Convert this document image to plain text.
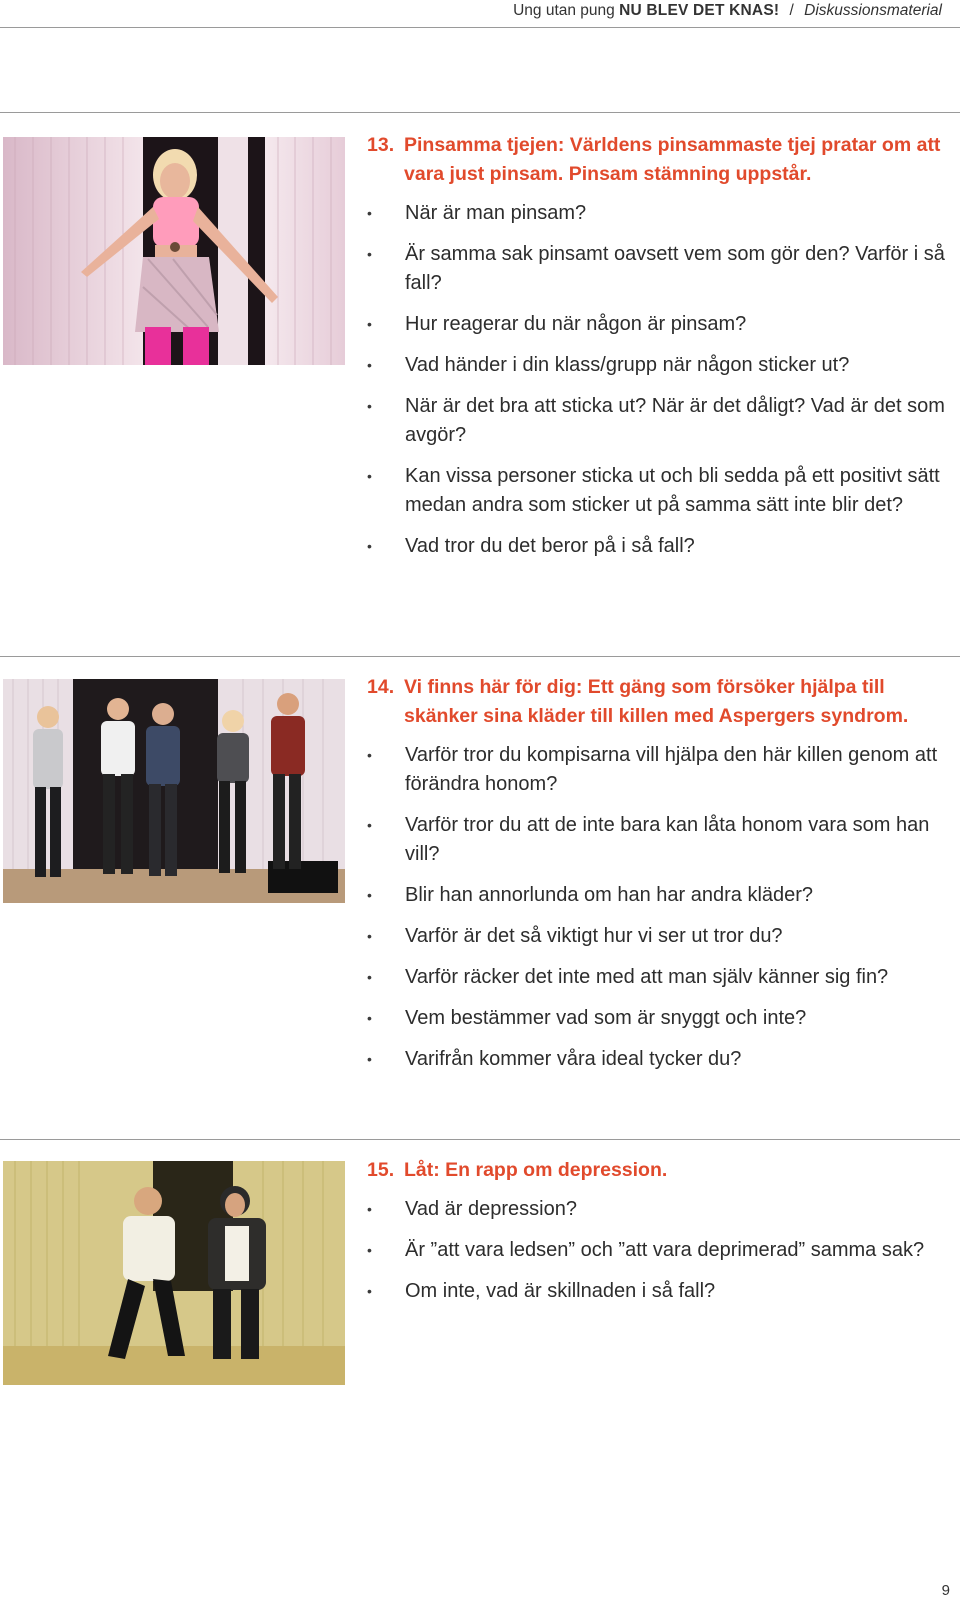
Ung utan pung NU BLEV DET KNAS! / Diskussionsmaterial
13. Pinsamma tjejen: Världens pinsammaste tjej pratar om att vara just pinsam. Pinsam stämning uppstår.
• När är man pinsam?
• Är samma sak pinsamt oavsett vem som gör den? Varför i så fall?
• Hur reagerar du när någon är pinsam?
• Vad händer i din klass/grupp när någon sticker ut?
• När är det bra att sticka ut? När är det dåligt? Vad är det som avgör?
• Kan vissa personer sticka ut och bli sedda på ett positivt sätt medan andra som sticker ut på samma sätt inte blir det?
• Vad tror du det beror på i så fall?
14. Vi finns här för dig: Ett gäng som försöker hjälpa till skänker sina kläder till killen med Aspergers syndrom.
• Varför tror du kompisarna vill hjälpa den här killen genom att förändra honom?
• Varför tror du att de inte bara kan låta honom vara som han vill?
• Blir han annorlunda om han har andra kläder?
• Varför är det så viktigt hur vi ser ut tror du?
• Varför räcker det inte med att man själv känner sig fin?
• Vem bestämmer vad som är snyggt och inte?
• Varifrån kommer våra ideal tycker du?
15. Låt: En rapp om depression.
• Vad är depression?
• Är ”att vara ledsen” och ”att vara deprimerad” samma sak?
• Om inte, vad är skillnaden i så fall?
9
